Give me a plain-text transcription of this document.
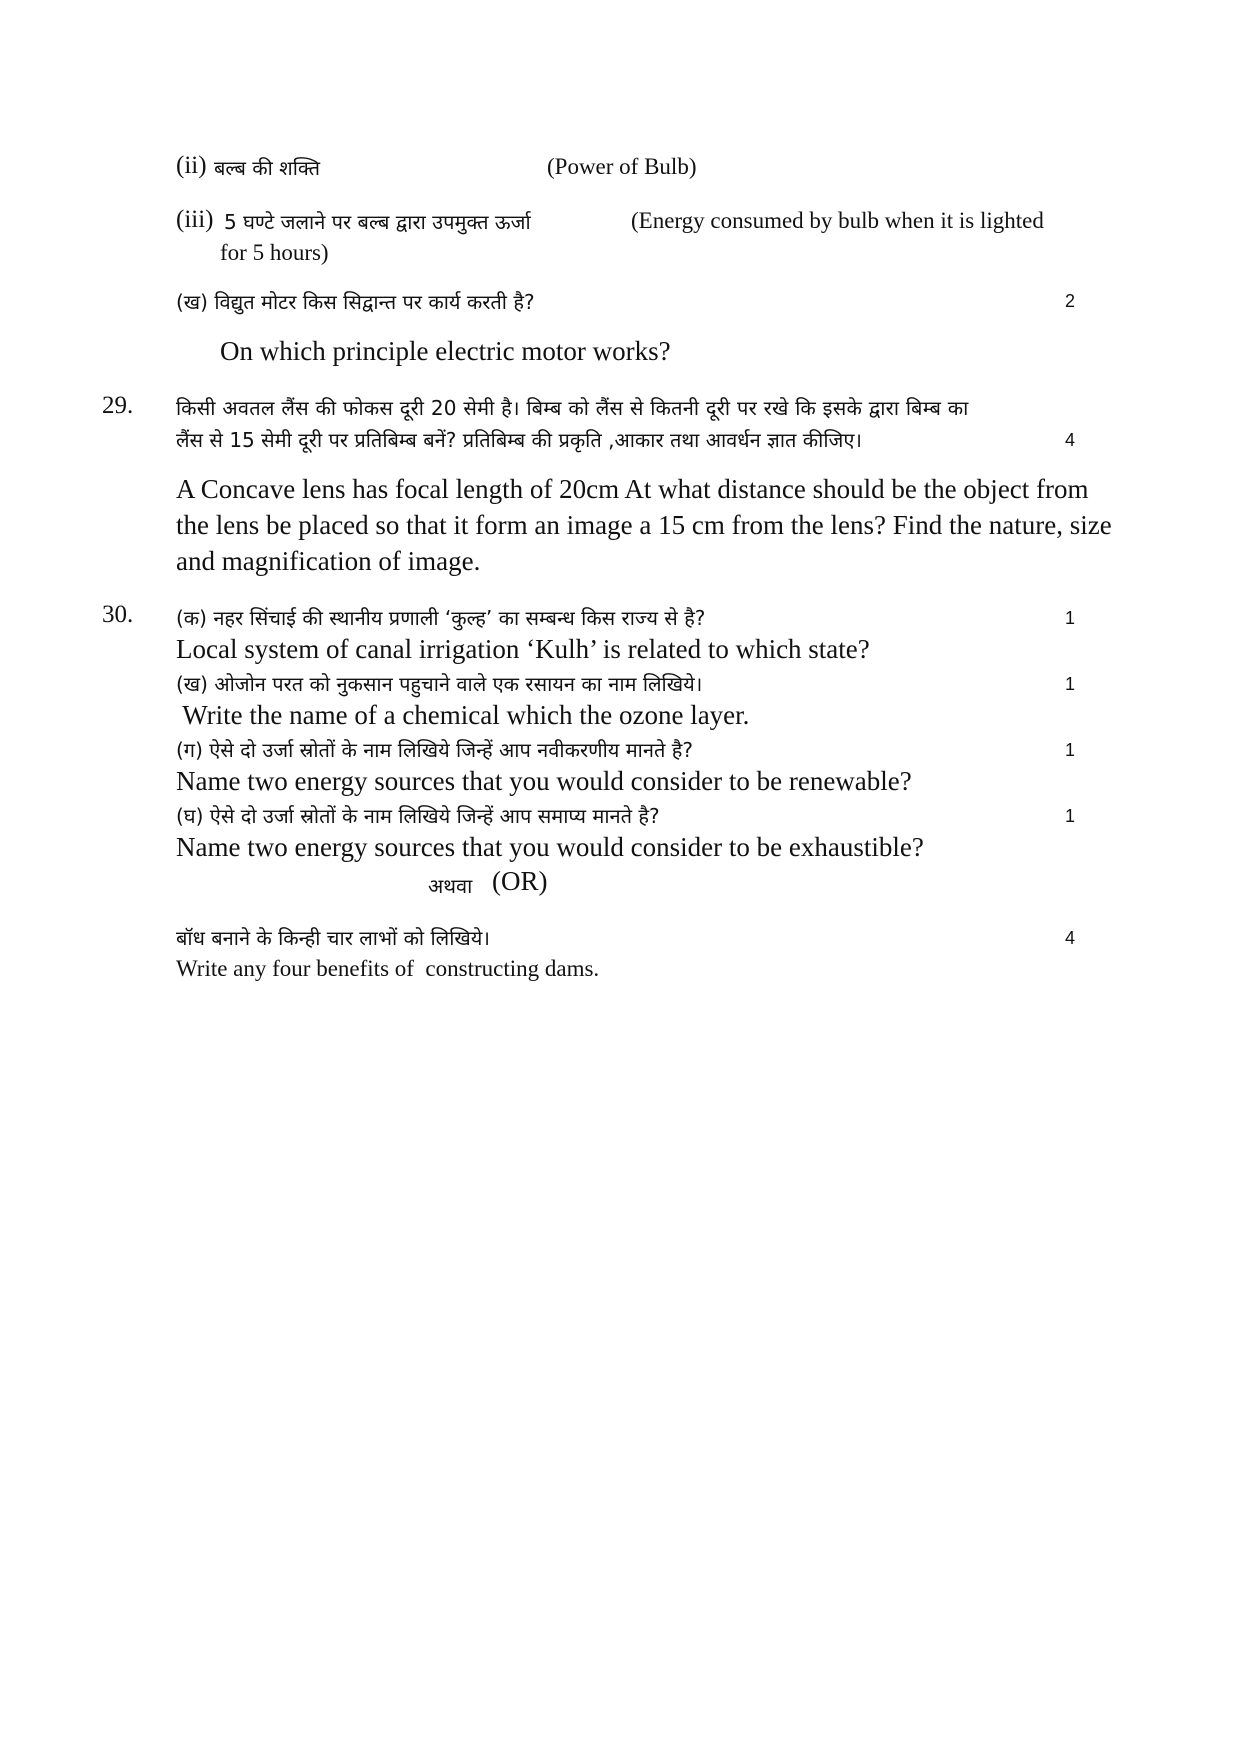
(ii) बल्ब की शक्ति	(Power of Bulb)
(iii) 5 घण्टे जलाने पर बल्ब द्वारा उपमुक्त ऊर्जा	(Energy consumed by bulb when it is lighted
for 5 hours)
(ख) विद्युत मोटर किस सिद्वान्त पर कार्य करती है?	2
On which principle electric motor works?
29. किसी अवतल लैंस की फोकस दूरी 20 सेमी है। बिम्ब को लैंस से कितनी दूरी पर रखे कि इसके द्वारा बिम्ब का
लैंस से 15 सेमी दूरी पर प्रतिबिम्ब बनें? प्रतिबिम्ब की प्रकृति ,आकार तथा आवर्धन ज्ञात कीजिए।	4
A Concave lens has focal length of 20cm At what distance should be the object from
the lens be placed so that it form an image a 15 cm from the lens? Find the nature, size
and magnification of image.
30. (क) नहर सिंचाई की स्थानीय प्रणाली ‘कुल्ह’ का सम्बन्ध किस राज्य से है?	1
Local system of canal irrigation ‘Kulh’ is related to which state?
(ख) ओजोन परत को नुकसान पहुचाने वाले एक रसायन का नाम लिखिये।	1
Write the name of a chemical which the ozone layer.
(ग) ऐसे दो उर्जा स्रोतों के नाम लिखिये जिन्हें आप नवीकरणीय मानते है?	1
Name two energy sources that you would consider to be renewable?
(घ) ऐसे दो उर्जा स्रोतों के नाम लिखिये जिन्हें आप समाप्य मानते है?	1
Name two energy sources that you would consider to be exhaustible?
अथवा (OR)
बॉध बनाने के किन्ही चार लाभों को लिखिये।	4
Write any four benefits of  constructing dams.
